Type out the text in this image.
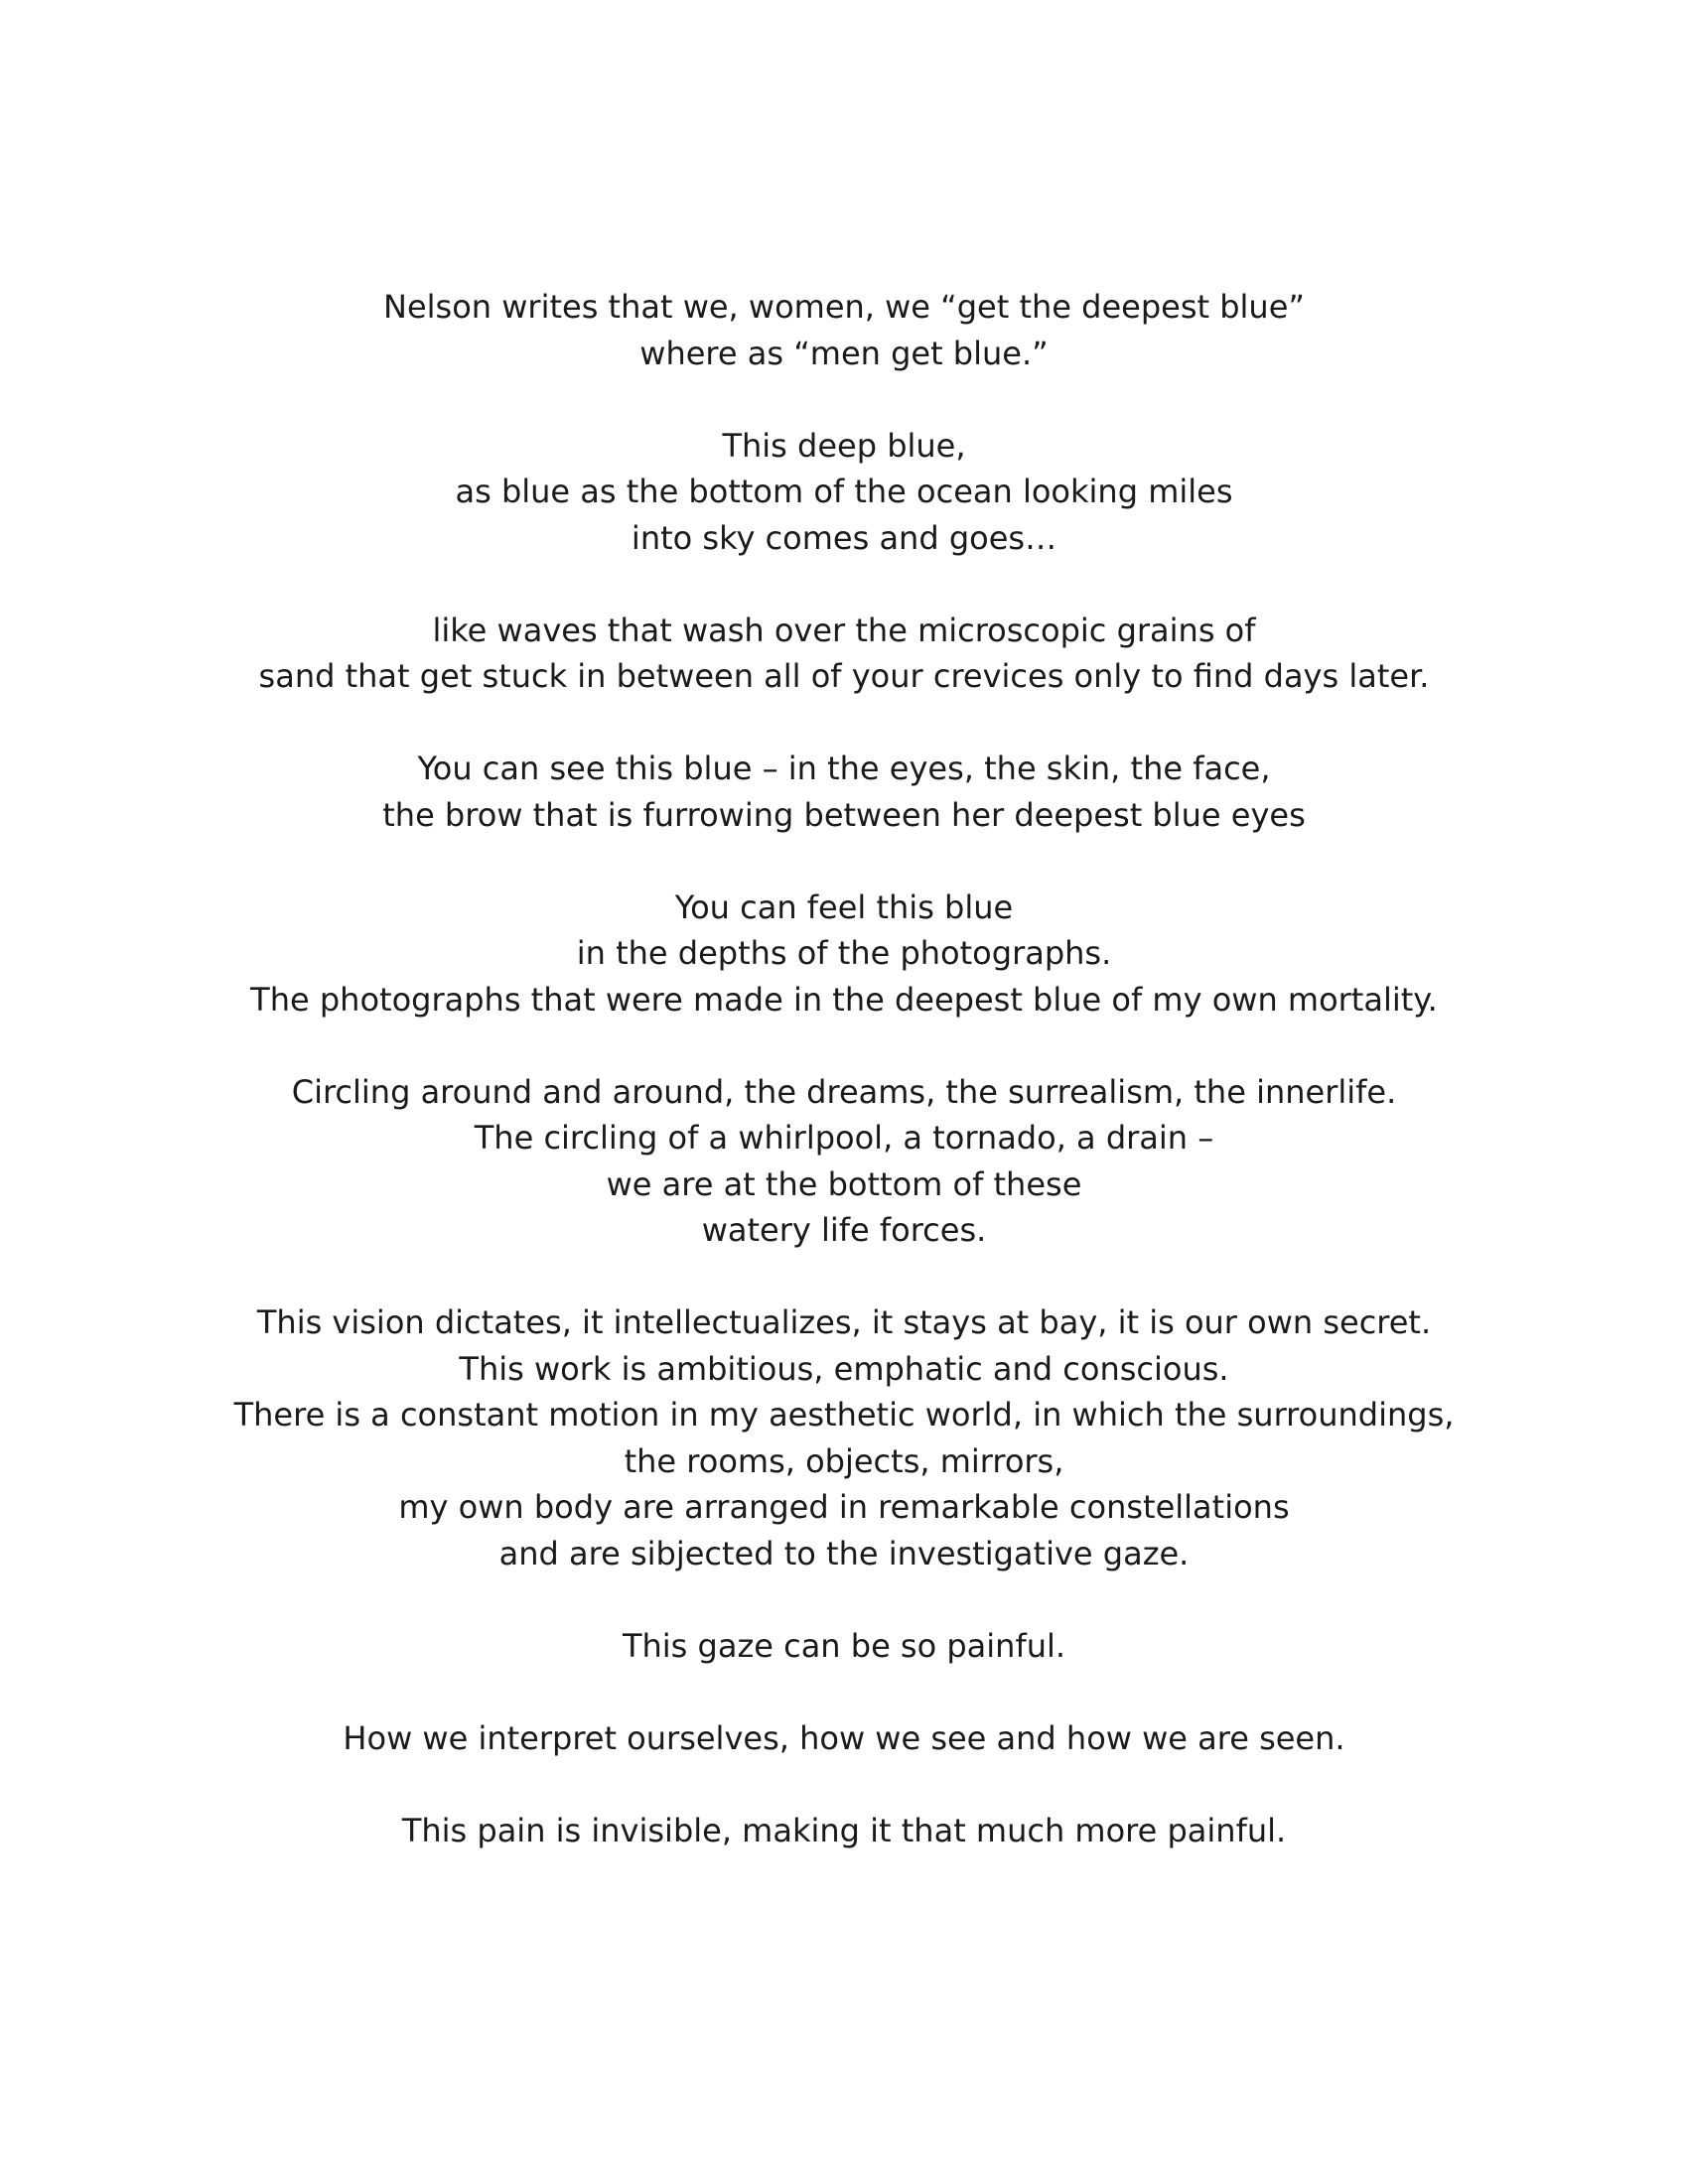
Nelson writes that we, women, we “get the deepest blue”
where as “men get blue.”
This deep blue,
as blue as the bottom of the ocean looking miles
into sky comes and goes…
like waves that wash over the microscopic grains of
sand that get stuck in between all of your crevices only to find days later.
You can see this blue – in the eyes, the skin, the face,
the brow that is furrowing between her deepest blue eyes
You can feel this blue
in the depths of the photographs.
The photographs that were made in the deepest blue of my own mortality.
Circling around and around, the dreams, the surrealism, the innerlife.
The circling of a whirlpool, a tornado, a drain –
we are at the bottom of these
watery life forces.
This vision dictates, it intellectualizes, it stays at bay, it is our own secret.
This work is ambitious, emphatic and conscious.
There is a constant motion in my aesthetic world, in which the surroundings,
the rooms, objects, mirrors,
my own body are arranged in remarkable constellations
and are sibjected to the investigative gaze.
This gaze can be so painful.
How we interpret ourselves, how we see and how we are seen.
This pain is invisible, making it that much more painful.
